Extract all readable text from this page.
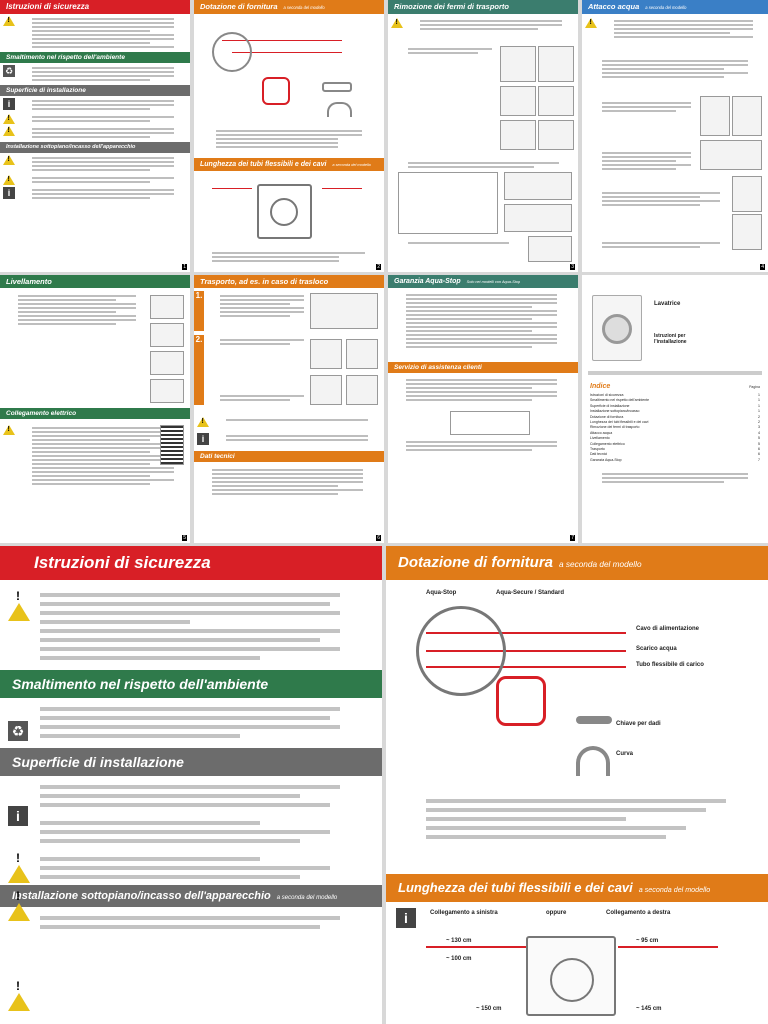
Istruzioni di sicurezza
!
Smaltimento nel rispetto dell'ambiente
♻
Superficie di installazione
i
!
!
Installazione sottopiano/incasso dell'apparecchio
!
!
i
1
Dotazione di fornitura a seconda del modello
Lunghezza dei tubi flessibili e dei cavi a seconda del modello
2
Rimozione dei fermi di trasporto
!
3
Attacco acqua a seconda del modello
!
4
Livellamento
Collegamento elettrico
!
5
Trasporto, ad es. in caso di trasloco
1.
2.
!
i
Dati tecnici
6
Garanzia Aqua-Stop Solo nei modelli con Aqua-Stop
Servizio di assistenza clienti
7
Lavatrice
Istruzioni per l'installazione
Indice	Pagina
Istruzioni di sicurezza	1
Smaltimento nel rispetto dell'ambiente	1
Superficie di installazione	1
Installazione sottopiano/incasso	1
Dotazione di fornitura	2
Lunghezza dei tubi flessibili e dei cavi	2
Rimozione dei fermi di trasporto	3
Attacco acqua	4
Livellamento	5
Collegamento elettrico	5
Trasporto	6
Dati tecnici	6
Garanzia Aqua-Stop	7
Istruzioni di sicurezza
!
Smaltimento nel rispetto dell'ambiente
♻
Superficie di installazione
i
!
!
Installazione sottopiano/incasso dell'apparecchio a seconda del modello
!
Dotazione di fornitura a seconda del modello
Aqua-Stop	Aqua-Secure / Standard
Cavo di alimentazione
Scarico acqua
Tubo flessibile di carico
Chiave per dadi
Curva
Lunghezza dei tubi flessibili e dei cavi a seconda del modello
i	Collegamento a sinistra	oppure	Collegamento a destra
~ 130 cm
~ 100 cm
~ 150 cm
~ 95 cm
~ 145 cm
